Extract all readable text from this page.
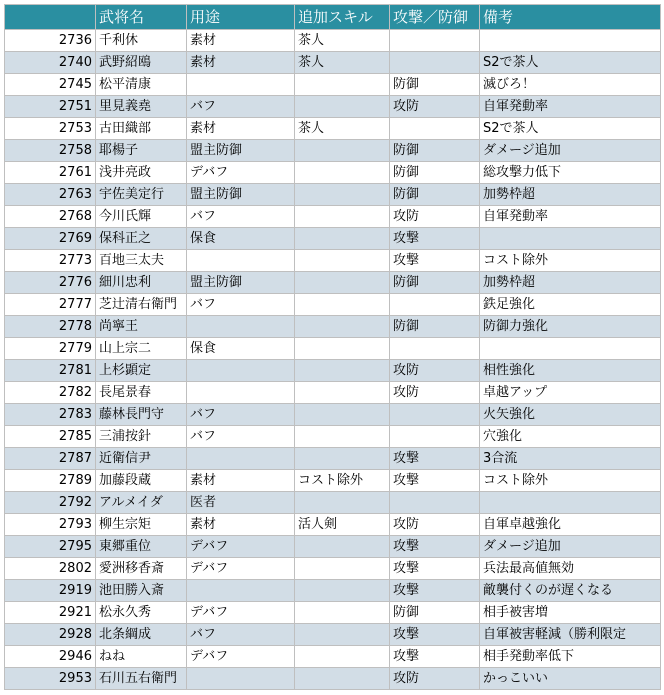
	武将名	用途	追加スキル	攻撃／防御	備考
2736	千利休	素材	茶人		
2740	武野紹鴎	素材	茶人		S2で茶人
2745	松平清康			防御	滅びろ！
2751	里見義堯	バフ		攻防	自軍発動率
2753	古田織部	素材	茶人		S2で茶人
2758	耶楊子	盟主防御		防御	ダメージ追加
2761	浅井亮政	デバフ		防御	総攻撃力低下
2763	宇佐美定行	盟主防御		防御	加勢枠超
2768	今川氏輝	バフ		攻防	自軍発動率
2769	保科正之	保食		攻撃	
2773	百地三太夫			攻撃	コスト除外
2776	細川忠利	盟主防御		防御	加勢枠超
2777	芝辻清右衛門	バフ			鉄足強化
2778	尚寧王			防御	防御力強化
2779	山上宗二	保食			
2781	上杉顕定			攻防	相性強化
2782	長尾景春			攻防	卓越アップ
2783	藤林長門守	バフ			火矢強化
2785	三浦按針	バフ			穴強化
2787	近衛信尹			攻撃	3合流
2789	加藤段蔵	素材	コスト除外	攻撃	コスト除外
2792	アルメイダ	医者			
2793	柳生宗矩	素材	活人剣	攻防	自軍卓越強化
2795	東郷重位	デバフ		攻撃	ダメージ追加
2802	愛洲移香斎	デバフ		攻撃	兵法最高値無効
2919	池田勝入斎			攻撃	敵襲付くのが遅くなる
2921	松永久秀	デバフ		防御	相手被害増
2928	北条綱成	バフ		攻撃	自軍被害軽減（勝利限定
2946	ねね	デバフ		攻撃	相手発動率低下
2953	石川五右衛門			攻防	かっこいい
